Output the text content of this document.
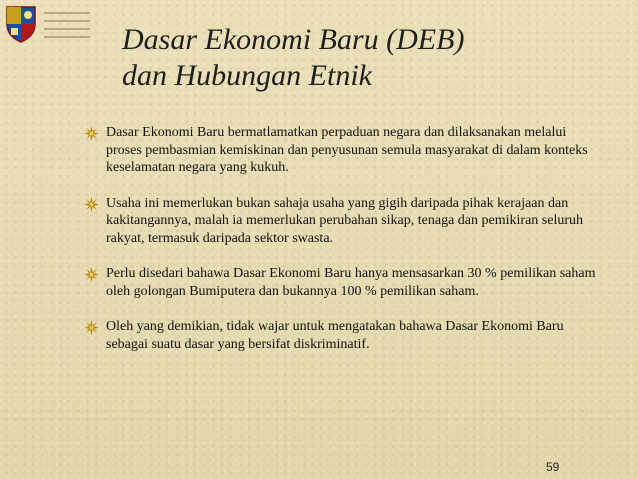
Dasar Ekonomi Baru (DEB)
dan Hubungan Etnik
Dasar Ekonomi Baru bermatlamatkan perpaduan negara dan dilaksanakan melalui proses pembasmian kemiskinan dan penyusunan semula masyarakat di dalam konteks keselamatan negara yang kukuh.
Usaha ini memerlukan bukan sahaja usaha yang gigih daripada pihak kerajaan dan kakitangannya, malah ia memerlukan perubahan sikap, tenaga dan pemikiran seluruh rakyat, termasuk daripada sektor swasta.
Perlu disedari bahawa Dasar Ekonomi Baru hanya mensasarkan 30 % pemilikan saham oleh golongan Bumiputera dan bukannya 100 % pemilikan saham.
Oleh yang demikian, tidak wajar untuk mengatakan bahawa Dasar Ekonomi Baru sebagai suatu dasar yang bersifat diskriminatif.
59
